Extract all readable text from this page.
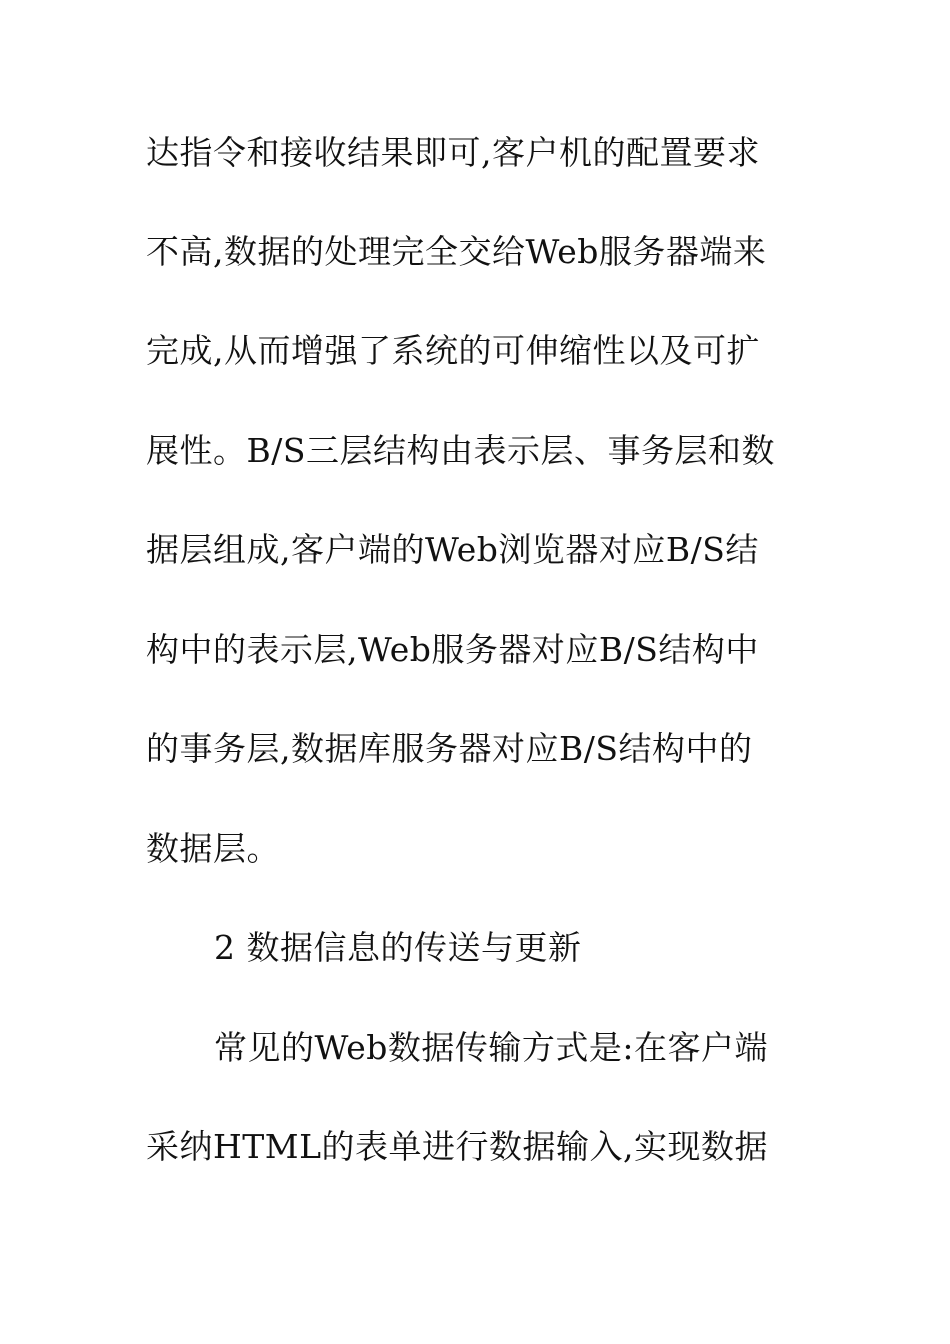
达指令和接收结果即可,客户机的配置要求
不高,数据的处理完全交给Web服务器端来
完成,从而增强了系统的可伸缩性以及可扩
展性。B/S三层结构由表示层、事务层和数
据层组成,客户端的Web浏览器对应B/S结
构中的表示层,Web服务器对应B/S结构中
的事务层,数据库服务器对应B/S结构中的
数据层。
2 数据信息的传送与更新
常见的Web数据传输方式是:在客户端
采纳HTML的表单进行数据输入,实现数据
